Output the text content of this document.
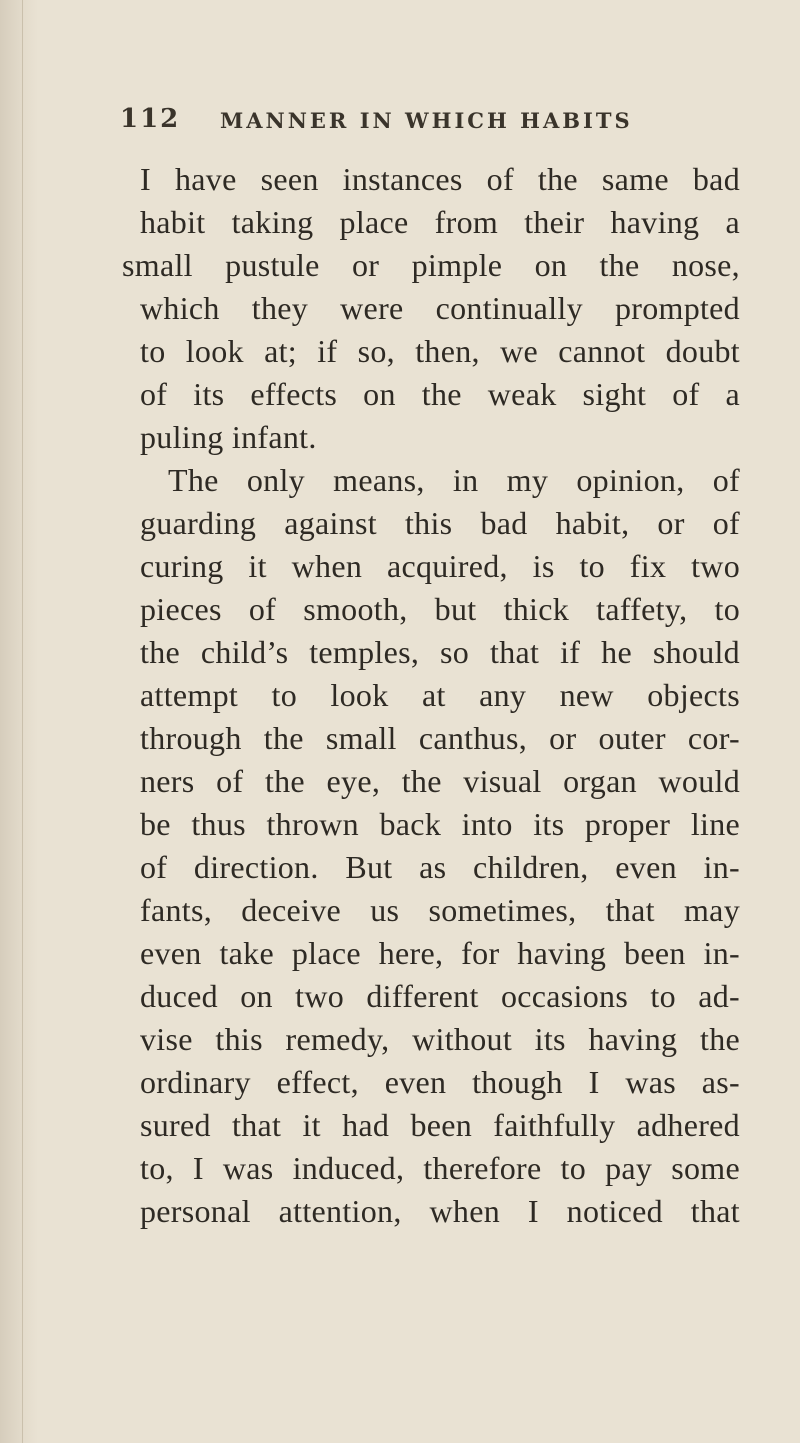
112 MANNER IN WHICH HABITS
I have seen instances of the same bad
habit taking place from their having a
small pustule or pimple on the nose,
which they were continually prompted
to look at; if so, then, we cannot doubt
of its effects on the weak sight of a
puling infant.
The only means, in my opinion, of
guarding against this bad habit, or of
curing it when acquired, is to fix two
pieces of smooth, but thick taffety, to
the child’s temples, so that if he should
attempt to look at any new objects
through the small canthus, or outer cor-
ners of the eye, the visual organ would
be thus thrown back into its proper line
of direction. But as children, even in-
fants, deceive us sometimes, that may
even take place here, for having been in-
duced on two different occasions to ad-
vise this remedy, without its having the
ordinary effect, even though I was as-
sured that it had been faithfully adhered
to, I was induced, therefore to pay some
personal attention, when I noticed that
